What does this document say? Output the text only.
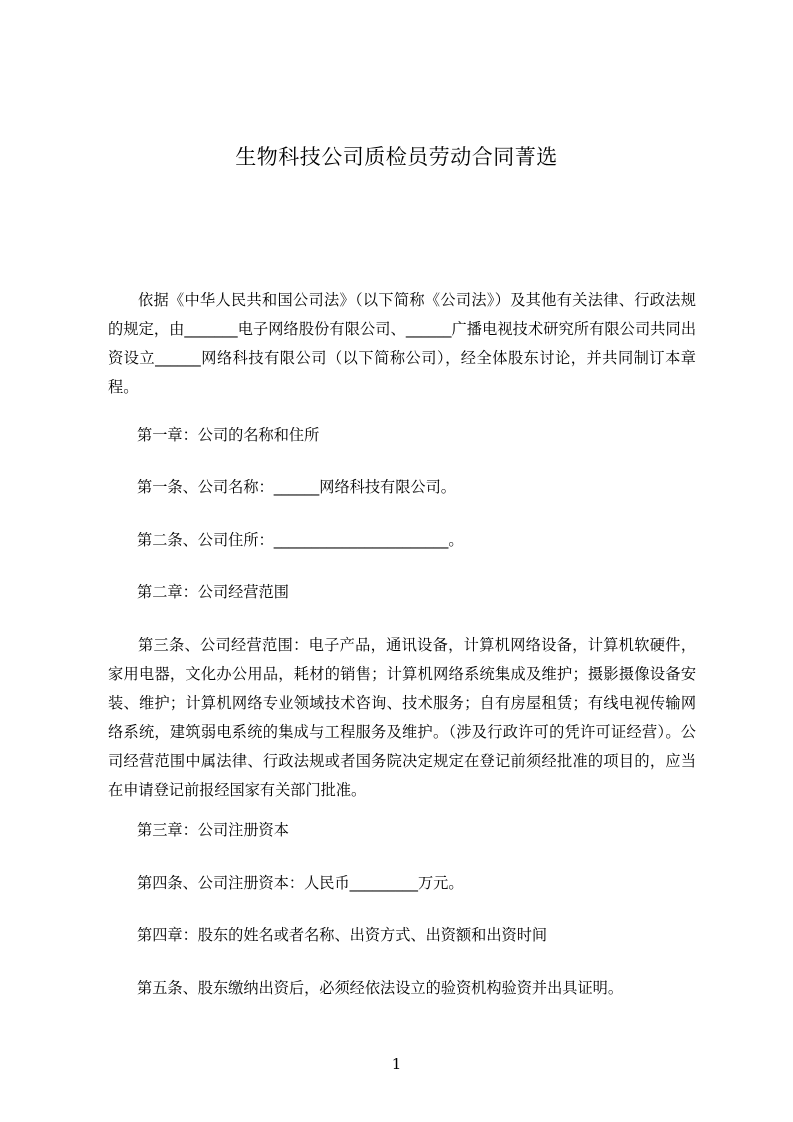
生物科技公司质检员劳动合同菁选

依据《中华人民共和国公司法》（以下简称《公司法》）及其他有关法律、行政法规的规定，由_______电子网络股份有限公司、______广播电视技术研究所有限公司共同出资设立______网络科技有限公司（以下简称公司），经全体股东讨论，并共同制订本章程。

第一章：公司的名称和住所

第一条、公司名称：______网络科技有限公司。

第二条、公司住所：_______________________。

第二章：公司经营范围

第三条、公司经营范围：电子产品，通讯设备，计算机网络设备，计算机软硬件，家用电器，文化办公用品，耗材的销售；计算机网络系统集成及维护；摄影摄像设备安装、维护；计算机网络专业领域技术咨询、技术服务；自有房屋租赁；有线电视传输网络系统，建筑弱电系统的集成与工程服务及维护。（涉及行政许可的凭许可证经营）。公司经营范围中属法律、行政法规或者国务院决定规定在登记前须经批准的项目的，应当在申请登记前报经国家有关部门批准。

第三章：公司注册资本

第四条、公司注册资本：人民币_________万元。

第四章：股东的姓名或者名称、出资方式、出资额和出资时间

第五条、股东缴纳出资后，必须经依法设立的验资机构验资并出具证明。

1
